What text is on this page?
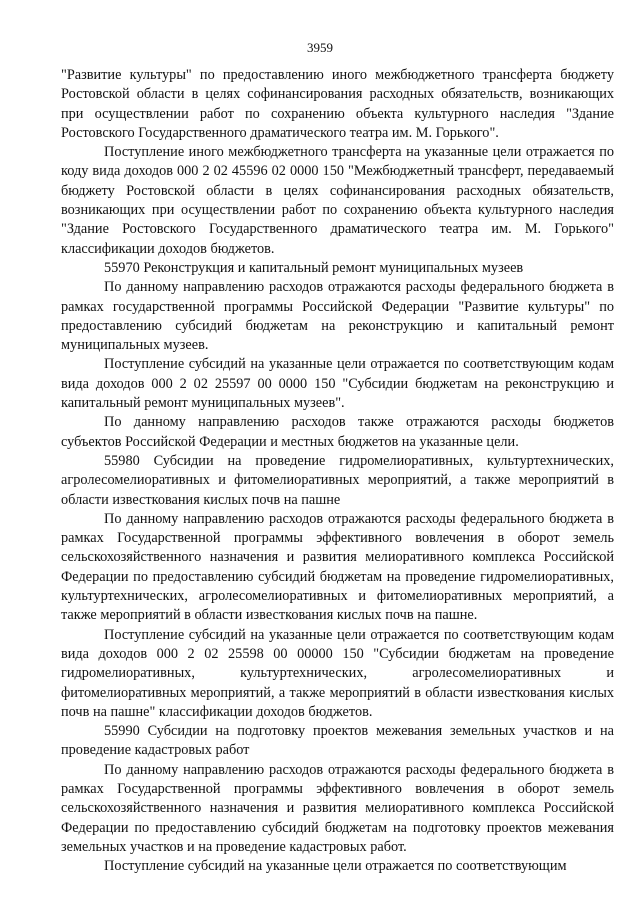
3959

"Развитие культуры" по предоставлению иного межбюджетного трансферта бюджету Ростовской области в целях софинансирования расходных обязательств, возникающих при осуществлении работ по сохранению объекта культурного наследия "Здание Ростовского Государственного драматического театра им. М. Горького".

Поступление иного межбюджетного трансферта на указанные цели отражается по коду вида доходов 000 2 02 45596 02 0000 150 "Межбюджетный трансферт, передаваемый бюджету Ростовской области в целях софинансирования расходных обязательств, возникающих при осуществлении работ по сохранению объекта культурного наследия "Здание Ростовского Государственного драматического театра им. М. Горького" классификации доходов бюджетов.

55970 Реконструкция и капитальный ремонт муниципальных музеев

По данному направлению расходов отражаются расходы федерального бюджета в рамках государственной программы Российской Федерации "Развитие культуры" по предоставлению субсидий бюджетам на реконструкцию и капитальный ремонт муниципальных музеев.

Поступление субсидий на указанные цели отражается по соответствующим кодам вида доходов 000 2 02 25597 00 0000 150 "Субсидии бюджетам на реконструкцию и капитальный ремонт муниципальных музеев".

По данному направлению расходов также отражаются расходы бюджетов субъектов Российской Федерации и местных бюджетов на указанные цели.

55980 Субсидии на проведение гидромелиоративных, культуртехнических, агролесомелиоративных и фитомелиоративных мероприятий, а также мероприятий в области известкования кислых почв на пашне

По данному направлению расходов отражаются расходы федерального бюджета в рамках Государственной программы эффективного вовлечения в оборот земель сельскохозяйственного назначения и развития мелиоративного комплекса Российской Федерации по предоставлению субсидий бюджетам на проведение гидромелиоративных, культуртехнических, агролесомелиоративных и фитомелиоративных мероприятий, а также мероприятий в области известкования кислых почв на пашне.

Поступление субсидий на указанные цели отражается по соответствующим кодам вида доходов 000 2 02 25598 00 00000 150 "Субсидии бюджетам на проведение гидромелиоративных, культуртехнических, агролесомелиоративных и фитомелиоративных мероприятий, а также мероприятий в области известкования кислых почв на пашне" классификации доходов бюджетов.

55990 Субсидии на подготовку проектов межевания земельных участков и на проведение кадастровых работ

По данному направлению расходов отражаются расходы федерального бюджета в рамках Государственной программы эффективного вовлечения в оборот земель сельскохозяйственного назначения и развития мелиоративного комплекса Российской Федерации по предоставлению субсидий бюджетам на подготовку проектов межевания земельных участков и на проведение кадастровых работ.

Поступление субсидий на указанные цели отражается по соответствующим
